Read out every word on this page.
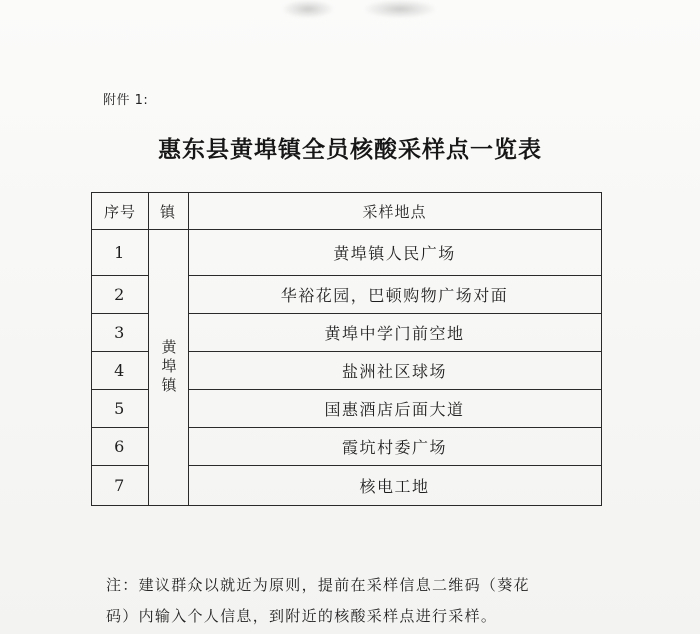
附件 1:
惠东县黄埠镇全员核酸采样点一览表
序号	镇	采样地点
黄埠镇
1	黄埠镇人民广场
2	华裕花园，巴顿购物广场对面
3	黄埠中学门前空地
4	盐洲社区球场
5	国惠酒店后面大道
6	霞坑村委广场
7	核电工地
注：建议群众以就近为原则，提前在采样信息二维码（葵花
码）内输入个人信息，到附近的核酸采样点进行采样。
